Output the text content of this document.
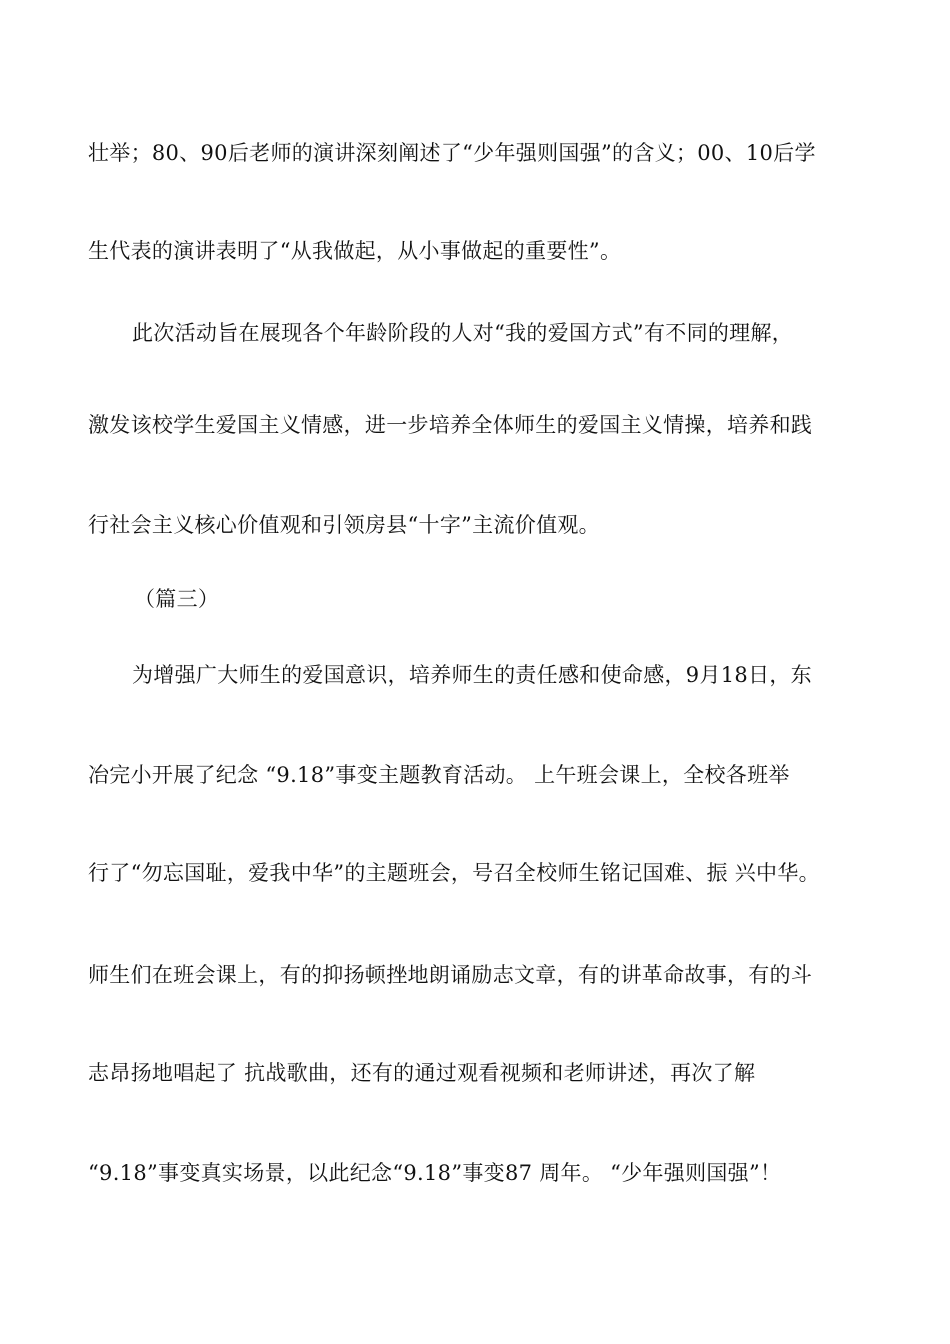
壮举；80、90后老师的演讲深刻阐述了“少年强则国强”的含义；00、10后学
生代表的演讲表明了“从我做起，从小事做起的重要性”。
此次活动旨在展现各个年龄阶段的人对“我的爱国方式”有不同的理解，
激发该校学生爱国主义情感，进一步培养全体师生的爱国主义情操，培养和践
行社会主义核心价值观和引领房县“十字”主流价值观。
（篇三）
为增强广大师生的爱国意识，培养师生的责任感和使命感，9月18日，东
冶完小开展了纪念 “9.18”事变主题教育活动。 上午班会课上，全校各班举
行了“勿忘国耻，爱我中华”的主题班会，号召全校师生铭记国难、振 兴中华。
师生们在班会课上，有的抑扬顿挫地朗诵励志文章，有的讲革命故事，有的斗
志昂扬地唱起了 抗战歌曲，还有的通过观看视频和老师讲述，再次了解
“9.18”事变真实场景，以此纪念“9.18”事变87 周年。 “少年强则国强”！
